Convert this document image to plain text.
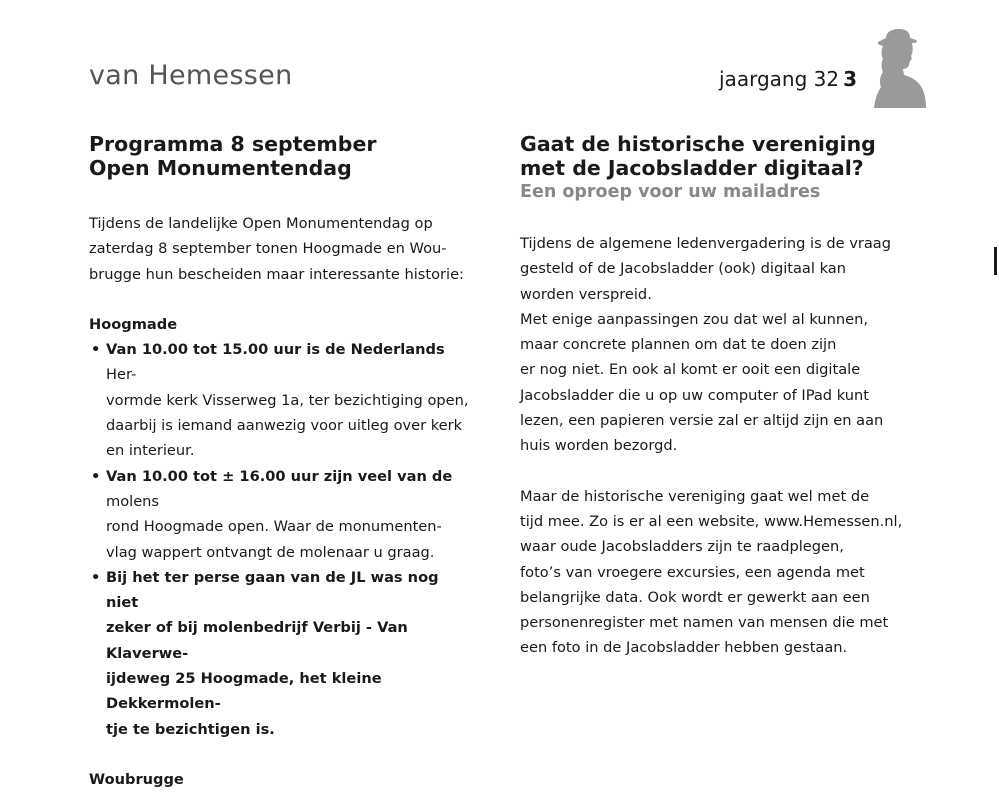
van Hemessen	jaargang 32 3
Programma 8 september
Open Monumentendag

Tijdens de landelijke Open Monumentendag op
zaterdag 8 september tonen Hoogmade en Wou-
brugge hun bescheiden maar interessante historie:

Hoogmade

• Van 10.00 tot 15.00 uur is de Nederlands Her-
vormde kerk Visserweg 1a, ter bezichtiging open,
daarbij is iemand aanwezig voor uitleg over kerk
en interieur.
• Van 10.00 tot ± 16.00 uur zijn veel van de molens
rond Hoogmade open. Waar de monumenten-
vlag wappert ontvangt de molenaar u graag.
• Bij het ter perse gaan van de JL was nog niet
zeker of bij molenbedrijf Verbij - Van Klaverwe-
ijdeweg 25 Hoogmade, het kleine Dekkermolen-
tje te bezichtigen is.

Woubrugge

Gaat de historische vereniging
met de Jacobsladder digitaal?

Een oproep voor uw mailadres

Tijdens de algemene ledenvergadering is de vraag
gesteld of de Jacobsladder (ook) digitaal kan
worden verspreid.
Met enige aanpassingen zou dat wel al kunnen,
maar concrete plannen om dat te doen zijn
er nog niet. En ook al komt er ooit een digitale
Jacobsladder die u op uw computer of IPad kunt
lezen, een papieren versie zal er altijd zijn en aan
huis worden bezorgd.

Maar de historische vereniging gaat wel met de
tijd mee. Zo is er al een website, www.Hemessen.nl,
waar oude Jacobsladders zijn te raadplegen,
foto’s van vroegere excursies, een agenda met
belangrijke data. Ook wordt er gewerkt aan een
personenregister met namen van mensen die met
een foto in de Jacobsladder hebben gestaan.
